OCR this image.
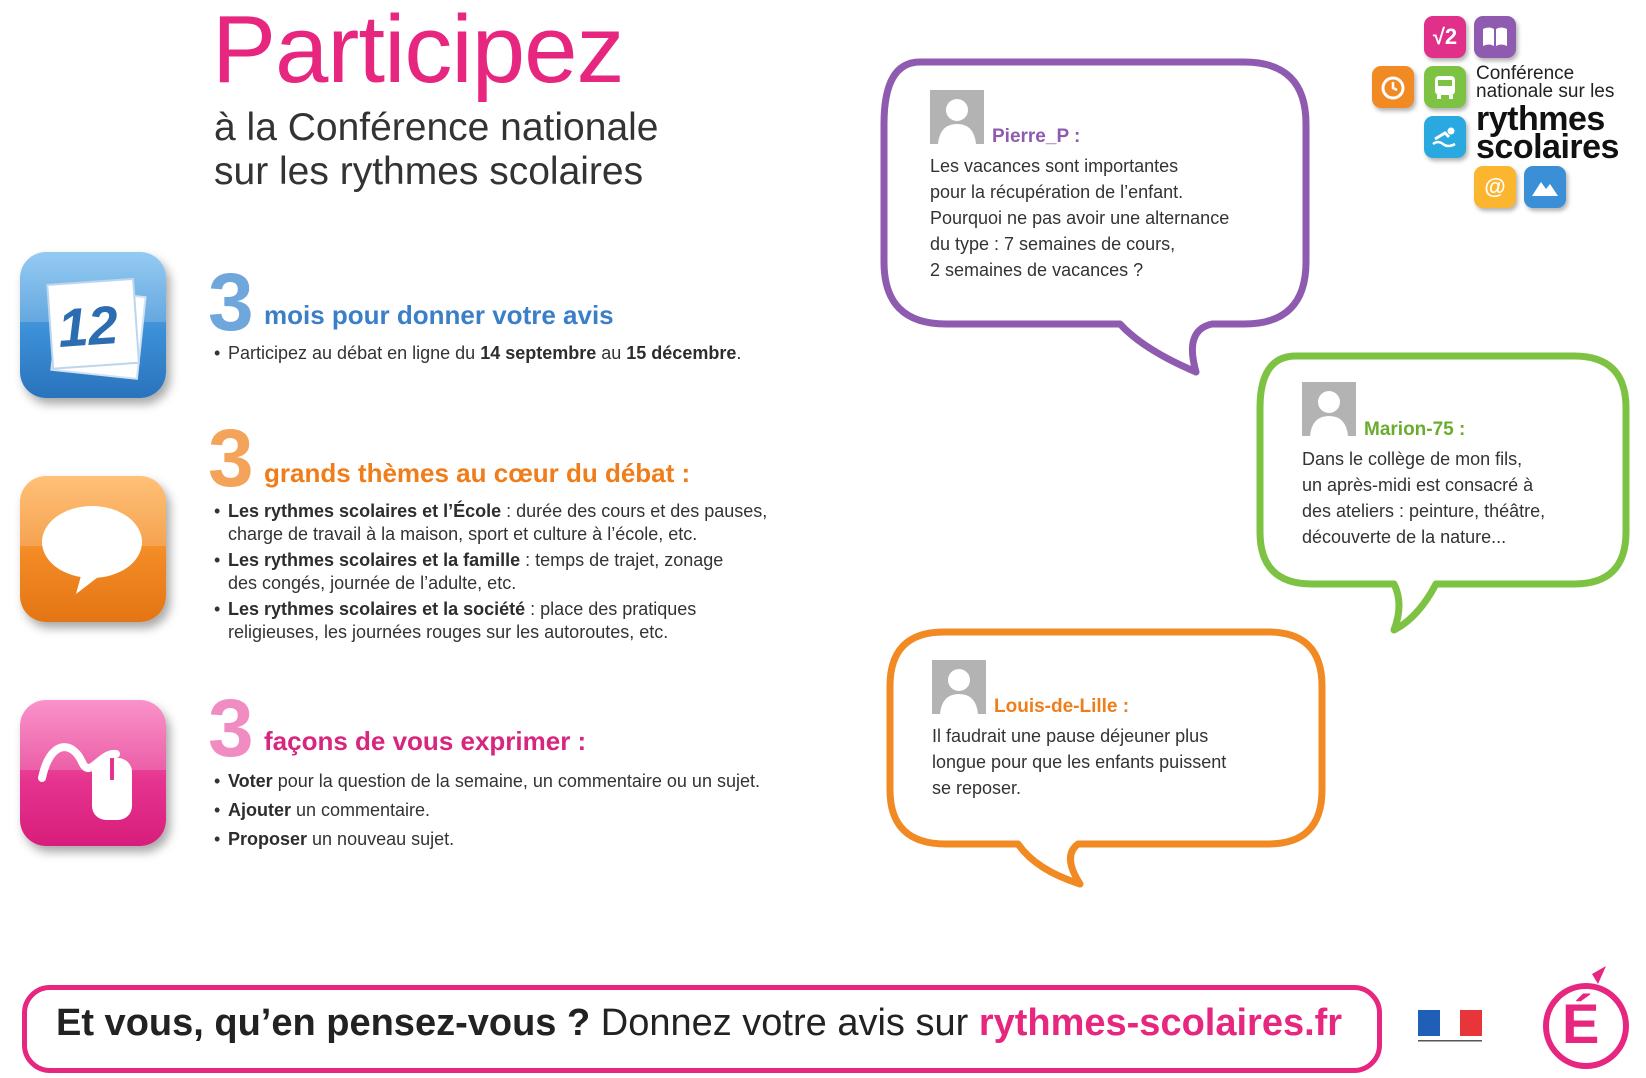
Participez
à la Conférence nationale
sur les rythmes scolaires
12 3 mois pour donner votre avis
• Participez au débat en ligne du 14 septembre au 15 décembre.
3 grands thèmes au cœur du débat :
• Les rythmes scolaires et l’École : durée des cours et des pauses,
charge de travail à la maison, sport et culture à l’école, etc.
• Les rythmes scolaires et la famille : temps de trajet, zonage
des congés, journée de l’adulte, etc.
• Les rythmes scolaires et la société : place des pratiques
religieuses, les journées rouges sur les autoroutes, etc.
3 façons de vous exprimer :
• Voter pour la question de la semaine, un commentaire ou un sujet.
• Ajouter un commentaire.
• Proposer un nouveau sujet.
Pierre_P :
Les vacances sont importantes
pour la récupération de l’enfant.
Pourquoi ne pas avoir une alternance
du type : 7 semaines de cours,
2 semaines de vacances ?
Marion-75 :
Dans le collège de mon fils,
un après-midi est consacré à
des ateliers : peinture, théâtre,
découverte de la nature...
Louis-de-Lille :
Il faudrait une pause déjeuner plus
longue pour que les enfants puissent
se reposer.
√2
@
Conférence
nationale sur les
rythmes
scolaires
Et vous, qu’en pensez-vous ? Donnez votre avis sur rythmes-scolaires.fr	É
